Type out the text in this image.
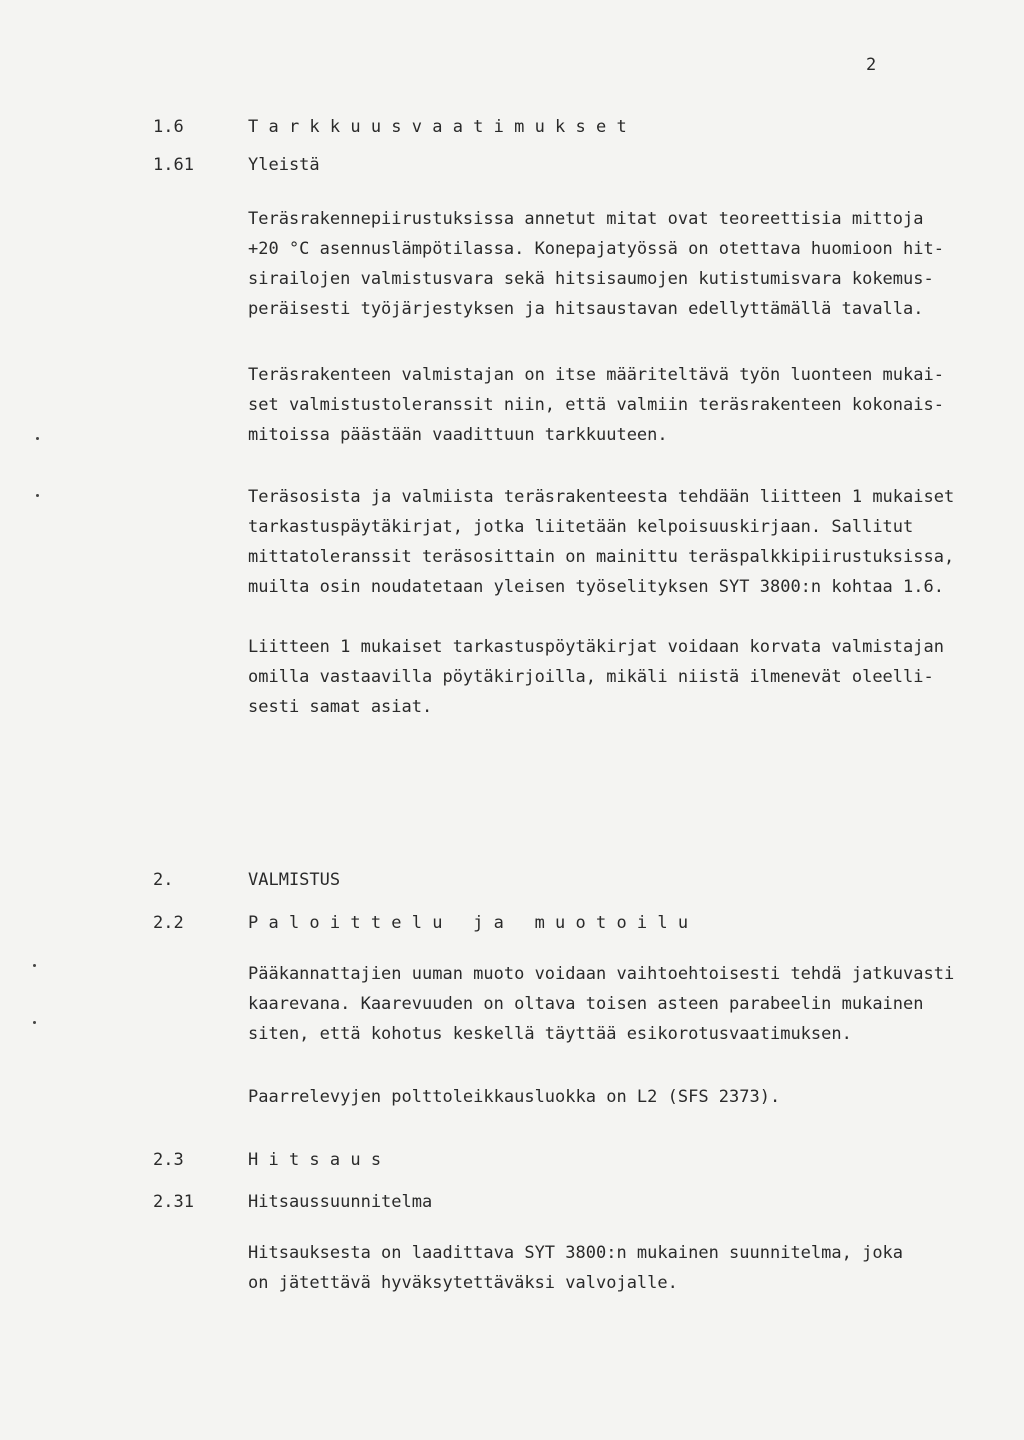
2
1.6	T a r k k u u s v a a t i m u k s e t
1.61	Yleistä
Teräsrakennepiirustuksissa annetut mitat ovat teoreettisia mittoja
+20 °C asennuslämpötilassa. Konepajatyössä on otettava huomioon hit-
sirailojen valmistusvara sekä hitsisaumojen kutistumisvara kokemus-
peräisesti työjärjestyksen ja hitsaustavan edellyttämällä tavalla.
Teräsrakenteen valmistajan on itse määriteltävä työn luonteen mukai-
set valmistustoleranssit niin, että valmiin teräsrakenteen kokonais-
mitoissa päästään vaadittuun tarkkuuteen.
Teräsosista ja valmiista teräsrakenteesta tehdään liitteen 1 mukaiset
tarkastuspäytäkirjat, jotka liitetään kelpoisuuskirjaan. Sallitut
mittatoleranssit teräsosittain on mainittu teräspalkkipiirustuksissa,
muilta osin noudatetaan yleisen työselityksen SYT 3800:n kohtaa 1.6.
Liitteen 1 mukaiset tarkastuspöytäkirjat voidaan korvata valmistajan
omilla vastaavilla pöytäkirjoilla, mikäli niistä ilmenevät oleelli-
sesti samat asiat.
2.	VALMISTUS
2.2	P a l o i t t e l u   j a   m u o t o i l u
Pääkannattajien uuman muoto voidaan vaihtoehtoisesti tehdä jatkuvasti
kaarevana. Kaarevuuden on oltava toisen asteen parabeelin mukainen
siten, että kohotus keskellä täyttää esikorotusvaatimuksen.
Paarrelevyjen polttoleikkausluokka on L2 (SFS 2373).
2.3	H i t s a u s
2.31	Hitsaussuunnitelma
Hitsauksesta on laadittava SYT 3800:n mukainen suunnitelma, joka
on jätettävä hyväksytettäväksi valvojalle.
